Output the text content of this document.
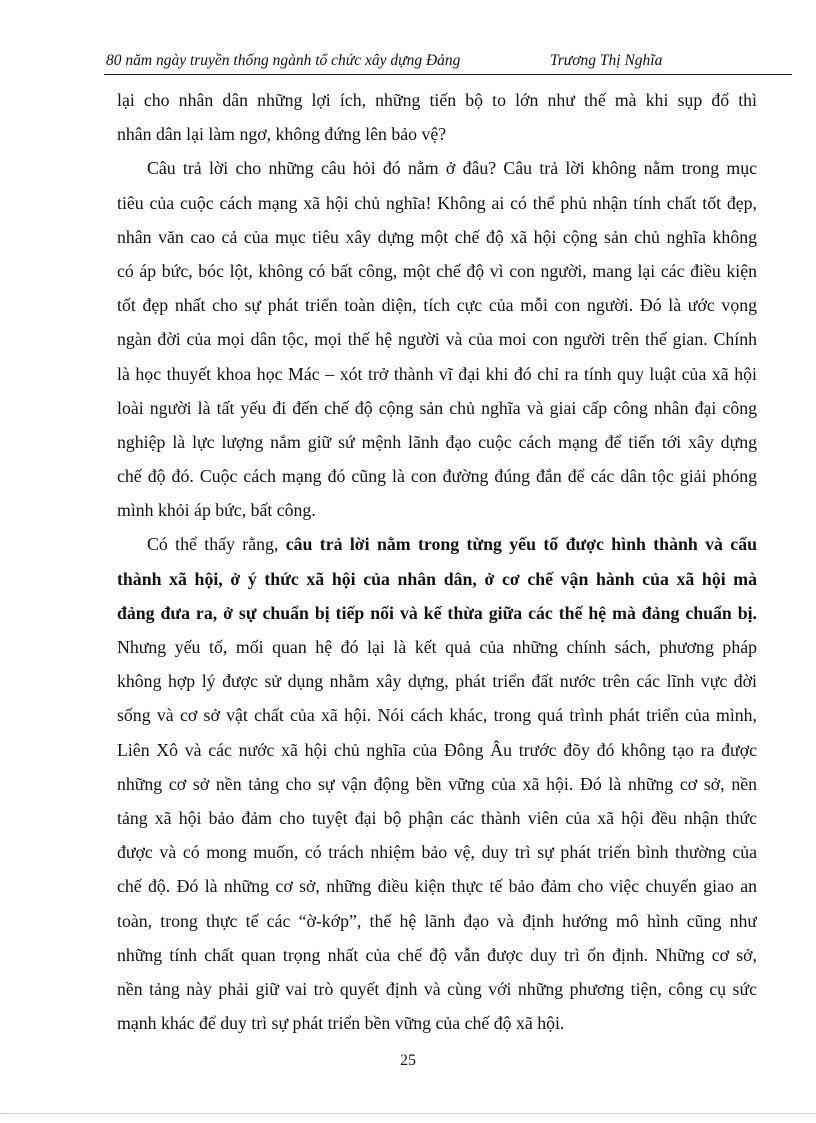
80 năm ngày truyền thống ngành tổ chức xây dựng Đảng	Trương Thị Nghĩa
lại cho nhân dân những lợi ích, những tiến bộ to lớn như thế mà khi sụp đổ thì
nhân dân lại làm ngơ, không đứng lên bảo vệ?
Câu trả lời cho những câu hỏi đó nằm ở đâu? Câu trả lời không nằm trong mục
tiêu của cuộc cách mạng xã hội chủ nghĩa! Không ai có thể phủ nhận tính chất tốt đẹp,
nhân văn cao cả của mục tiêu xây dựng một chế độ xã hội cộng sản chủ nghĩa không
có áp bức, bóc lột, không có bất công, một chế độ vì con người, mang lại các điều kiện
tốt đẹp nhất cho sự phát triển toàn diện, tích cực của mỗi con người. Đó là ước vọng
ngàn đời của mọi dân tộc, mọi thế hệ người và của moi con người trên thế gian. Chính
là học thuyết khoa học Mác – xót trở thành vĩ đại khi đó chỉ ra tính quy luật của xã hội
loài người là tất yếu đi đến chế độ cộng sản chủ nghĩa và giai cấp công nhân đại công
nghiệp là lực lượng nắm giữ sứ mệnh lãnh đạo cuộc cách mạng để tiến tới xây dựng
chế độ đó. Cuộc cách mạng đó cũng là con đường đúng đắn để các dân tộc giải phóng
mình khỏi áp bức, bất công.
Có thể thấy rằng, câu trả lời nằm trong từng yếu tố được hình thành và cấu
thành xã hội, ở ý thức xã hội của nhân dân, ở cơ chế vận hành của xã hội mà
đảng đưa ra, ở sự chuẩn bị tiếp nối và kế thừa giữa các thế hệ mà đảng chuẩn bị.
Nhưng yếu tố, mối quan hệ đó lại là kết quả của những chính sách, phương pháp
không hợp lý được sử dụng nhằm xây dựng, phát triển đất nước trên các lĩnh vực đời
sống và cơ sở vật chất của xã hội. Nói cách khác, trong quá trình phát triển của mình,
Liên Xô và các nước xã hội chủ nghĩa của Đông Âu trước đõy đó không tạo ra được
những cơ sở nền tảng cho sự vận động bền vững của xã hội. Đó là những cơ sở, nền
tảng xã hội bảo đảm cho tuyệt đại bộ phận các thành viên của xã hội đều nhận thức
được và có mong muốn, có trách nhiệm bảo vệ, duy trì sự phát triển bình thường của
chế độ. Đó là những cơ sở, những điều kiện thực tế bảo đảm cho việc chuyển giao an
toàn, trong thực tế các “ờ-kớp”, thế hệ lãnh đạo và định hướng mô hình cũng như
những tính chất quan trọng nhất của chế độ vẫn được duy trì ổn định. Những cơ sở,
nền tảng này phải giữ vai trò quyết định và cùng với những phương tiện, công cụ sức
mạnh khác để duy trì sự phát triển bền vững của chế độ xã hội.
25
